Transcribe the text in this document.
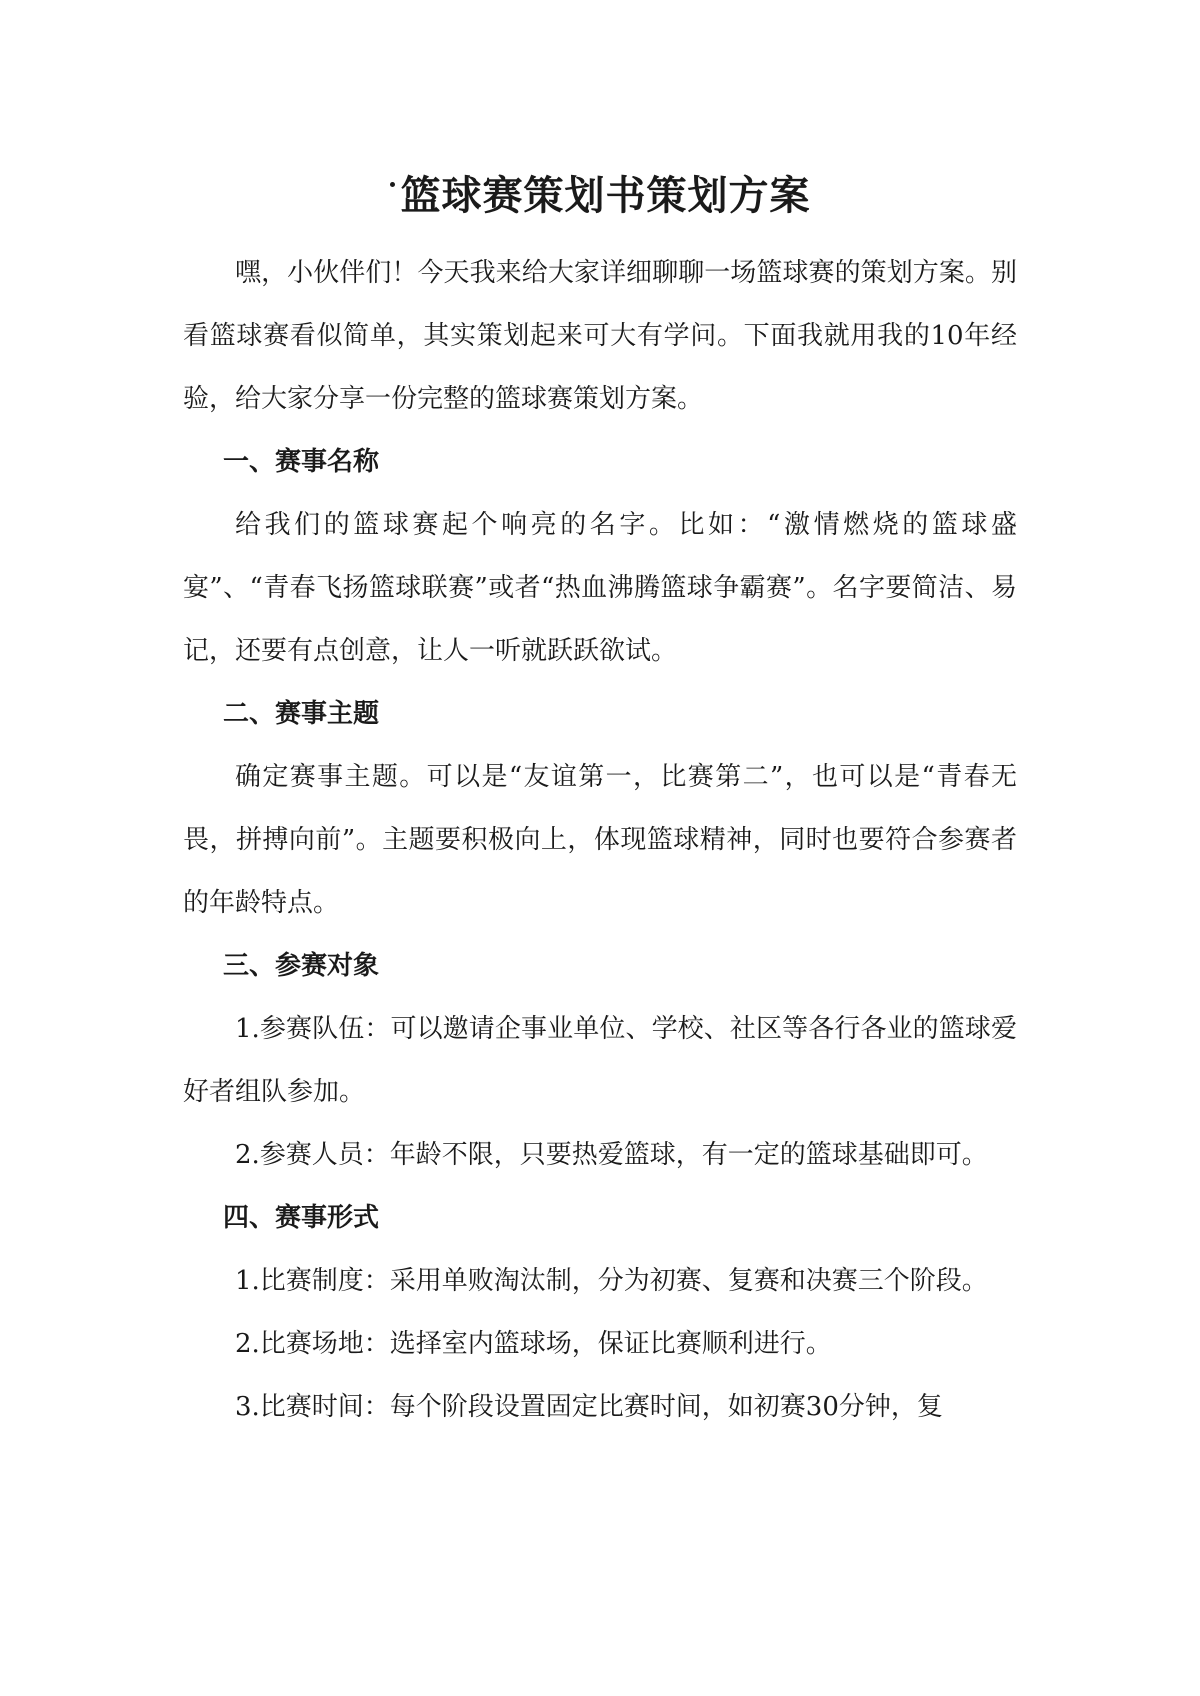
篮球赛策划书策划方案

嘿，小伙伴们！今天我来给大家详细聊聊一场篮球赛的策划方案。别看篮球赛看似简单，其实策划起来可大有学问。下面我就用我的10年经验，给大家分享一份完整的篮球赛策划方案。

一、赛事名称

给我们的篮球赛起个响亮的名字。比如：“激情燃烧的篮球盛宴”、“青春飞扬篮球联赛”或者“热血沸腾篮球争霸赛”。名字要简洁、易记，还要有点创意，让人一听就跃跃欲试。

二、赛事主题

确定赛事主题。可以是“友谊第一，比赛第二”，也可以是“青春无畏，拼搏向前”。主题要积极向上，体现篮球精神，同时也要符合参赛者的年龄特点。

三、参赛对象

1.参赛队伍：可以邀请企事业单位、学校、社区等各行各业的篮球爱好者组队参加。

2.参赛人员：年龄不限，只要热爱篮球，有一定的篮球基础即可。

四、赛事形式

1.比赛制度：采用单败淘汰制，分为初赛、复赛和决赛三个阶段。

2.比赛场地：选择室内篮球场，保证比赛顺利进行。

3.比赛时间：每个阶段设置固定比赛时间，如初赛30分钟，复
